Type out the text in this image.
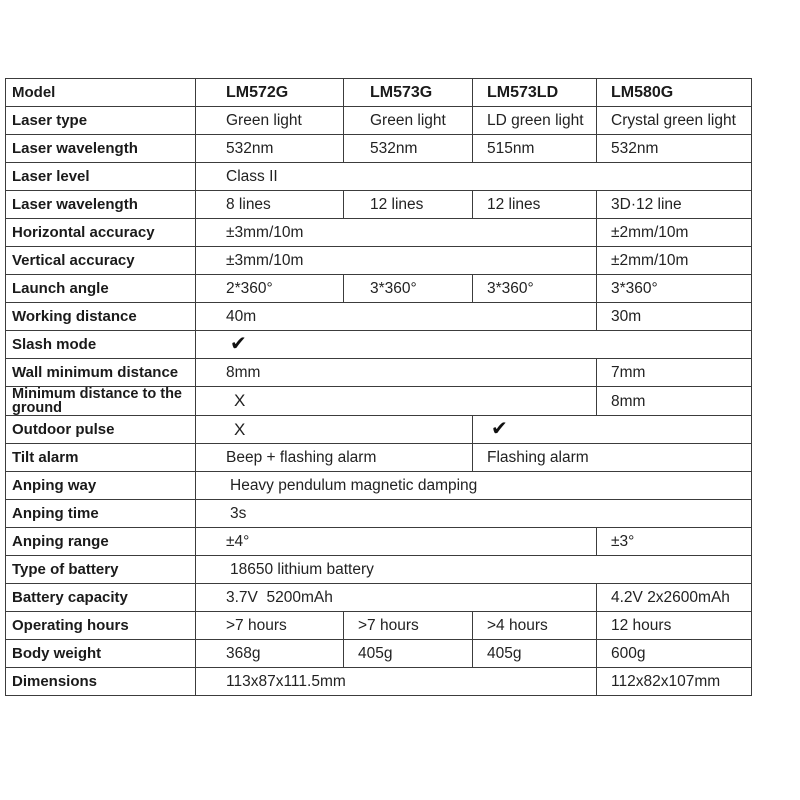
Model	LM572G	LM573G	LM573LD	LM580G
Laser type	Green light	Green light	LD green light	Crystal green light
Laser wavelength	532nm	532nm	515nm	532nm
Laser level	Class II			
Laser wavelength	8 lines	12 lines	12 lines	3D·12 line
Horizontal accuracy	±3mm/10m			±2mm/10m
Vertical accuracy	±3mm/10m			±2mm/10m
Launch angle	2*360°	3*360°	3*360°	3*360°
Working distance	40m			30m
Slash mode	✔			
Wall minimum distance	8mm			7mm
Minimum distance to the ground	X			8mm
Outdoor pulse	X		✔	
Tilt alarm	Beep + flashing alarm		Flashing alarm	
Anping way	Heavy pendulum magnetic damping			
Anping time	3s			
Anping range	±4°			±3°
Type of battery	18650 lithium battery			
Battery capacity	3.7V  5200mAh			4.2V 2x2600mAh
Operating hours	>7 hours	>7 hours	>4 hours	12 hours
Body weight	368g	405g	405g	600g
Dimensions	113x87x111.5mm			112x82x107mm
